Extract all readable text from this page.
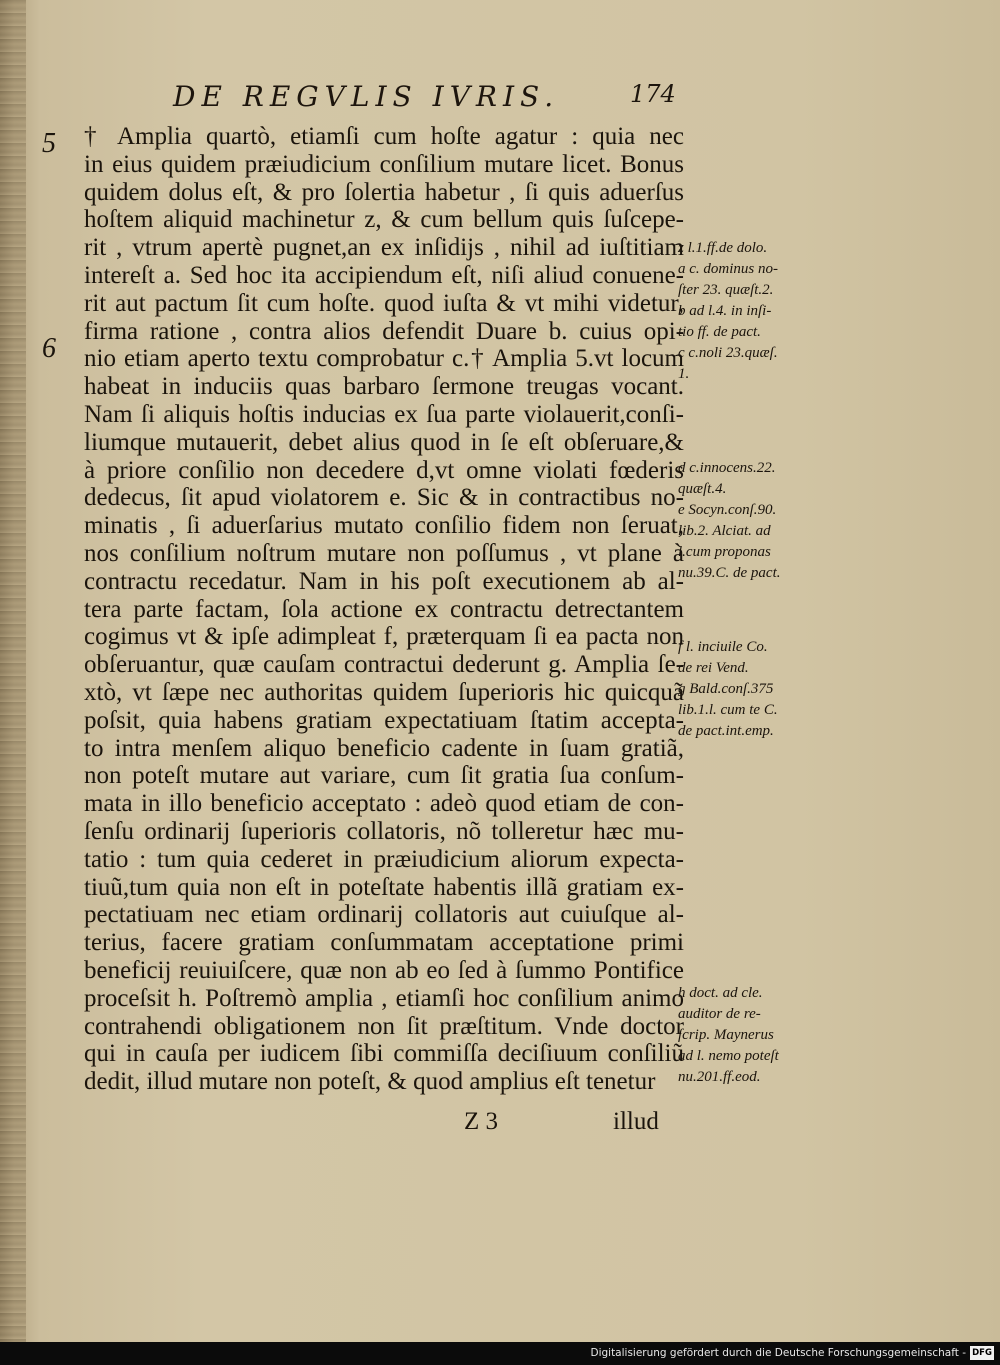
DE REGVLIS IVRIS.	174
5
6
† Amplia quartò, etiamſi cum hoſte agatur : quia nec
in eius quidem præiudicium conſilium mutare licet. Bonus
quidem dolus eſt, & pro ſolertia habetur , ſi quis aduerſus
hoſtem aliquid machinetur z, & cum bellum quis ſuſcepe-
rit , vtrum apertè pugnet,an ex inſidijs , nihil ad iuſtitiam
intereſt a. Sed hoc ita accipiendum eſt, niſi aliud conuene-
rit aut pactum ſit cum hoſte. quod iuſta & vt mihi videtur,
firma ratione , contra alios defendit Duare b. cuius opi-
nio etiam aperto textu comprobatur c.† Amplia 5.vt locum
habeat in induciis quas barbaro ſermone treugas vocant.
Nam ſi aliquis hoſtis inducias ex ſua parte violauerit,conſi-
liumque mutauerit, debet alius quod in ſe eſt obſeruare,&
à priore conſilio non decedere d,vt omne violati fœderis
dedecus, ſit apud violatorem e. Sic & in contractibus no-
minatis , ſi aduerſarius mutato conſilio fidem non ſeruat,
nos conſilium noſtrum mutare non poſſumus , vt plane à
contractu recedatur. Nam in his poſt executionem ab al-
tera parte factam, ſola actione ex contractu detrectantem
cogimus vt & ipſe adimpleat f, præterquam ſi ea pacta non
obſeruantur, quæ cauſam contractui dederunt g. Amplia ſe-
xtò, vt ſæpe nec authoritas quidem ſuperioris hic quicquã
poſsit, quia habens gratiam expectatiuam ſtatim accepta-
to intra menſem aliquo beneficio cadente in ſuam gratiã,
non poteſt mutare aut variare, cum ſit gratia ſua conſum-
mata in illo beneficio acceptato : adeò quod etiam de con-
ſenſu ordinarij ſuperioris collatoris, nõ tolleretur hæc mu-
tatio : tum quia cederet in præiudicium aliorum expecta-
tiuũ,tum quia non eſt in poteſtate habentis illã gratiam ex-
pectatiuam nec etiam ordinarij collatoris aut cuiuſque al-
terius, facere gratiam conſummatam acceptatione primi
beneficij reuiuiſcere, quæ non ab eo ſed à ſummo Pontifice
proceſsit h. Poſtremò amplia , etiamſi hoc conſilium animo
contrahendi obligationem non ſit præſtitum. Vnde doctor
qui in cauſa per iudicem ſibi commiſſa deciſiuum conſiliũ
dedit, illud mutare non poteſt, & quod amplius eſt tenetur
z l.1.ff.de dolo.
a c. dominus no-
ſter 23. quæſt.2.
b ad l.4. in inſi-
tio ff. de pact.
c c.noli 23.quæſ.
1.
d c.innocens.22.
quæſt.4.
e Socyn.conſ.90.
lib.2. Alciat. ad
l.cum proponas
nu.39.C. de pact.
f l. inciuile Co.
de rei Vend.
g Bald.conſ.375
lib.1.l. cum te C.
de pact.int.emp.
h doct. ad cle.
auditor de re-
ſcrip. Maynerus
ad l. nemo poteſt
nu.201.ff.eod.
Z 3	illud
Digitalisierung gefördert durch die Deutsche Forschungsgemeinschaft - DFG
